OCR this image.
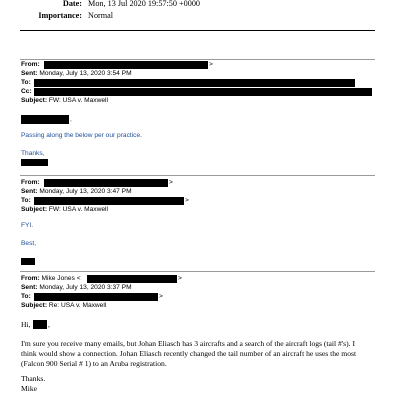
Date: Mon, 13 Jul 2020 19:57:50 +0000
Importance: Normal
From:	>
Sent: Monday, July 13, 2020 3:54 PM
To:
Cc:
Subject: FW: USA v. Maxwell
,
Passing along the below per our practice.
Thanks,
From:	>
Sent: Monday, July 13, 2020 3:47 PM
To:	>
Subject: FW: USA v. Maxwell
FYI.
Best,
From: Mike Jones <	>
Sent: Monday, July 13, 2020 3:37 PM
To:	>
Subject: Re: USA v. Maxwell
Hi, ,
I'm sure you receive many emails, but Johan Eliasch has 3 aircrafts and a search of the aircraft logs (tail #'s). I
think would show a connection. Johan Eliasch recently changed the tail number of an aircraft he uses the most
(Falcon 900 Serial # 1) to an Aruba registration.
Thanks.
Mike
